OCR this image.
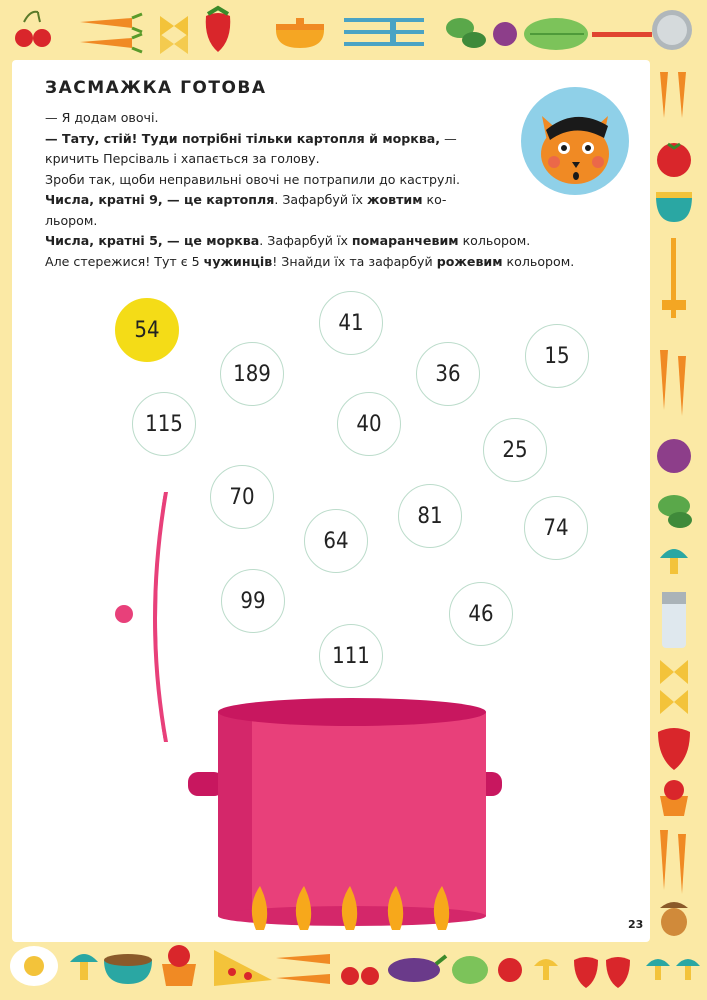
ЗАСМАЖКА ГОТОВА

— Я додам овочі.

— Тату, стій! Туди потрібні тільки картопля й морква, —

кричить Персіваль і хапається за голову.

Зроби так, щоби неправильні овочі не потрапили до каструлі.

Числа, кратні 9, — це картопля. Зафарбуй їх жовтим ко-

льором.

Числа, кратні 5, — це морква. Зафарбуй їх помаранчевим кольором.

Але стережися! Тут є 5 чужинців! Знайди їх та зафарбуй рожевим кольором.

54	41
189	36
15
115	40
25
70
81
64
74
99
46
111
23
